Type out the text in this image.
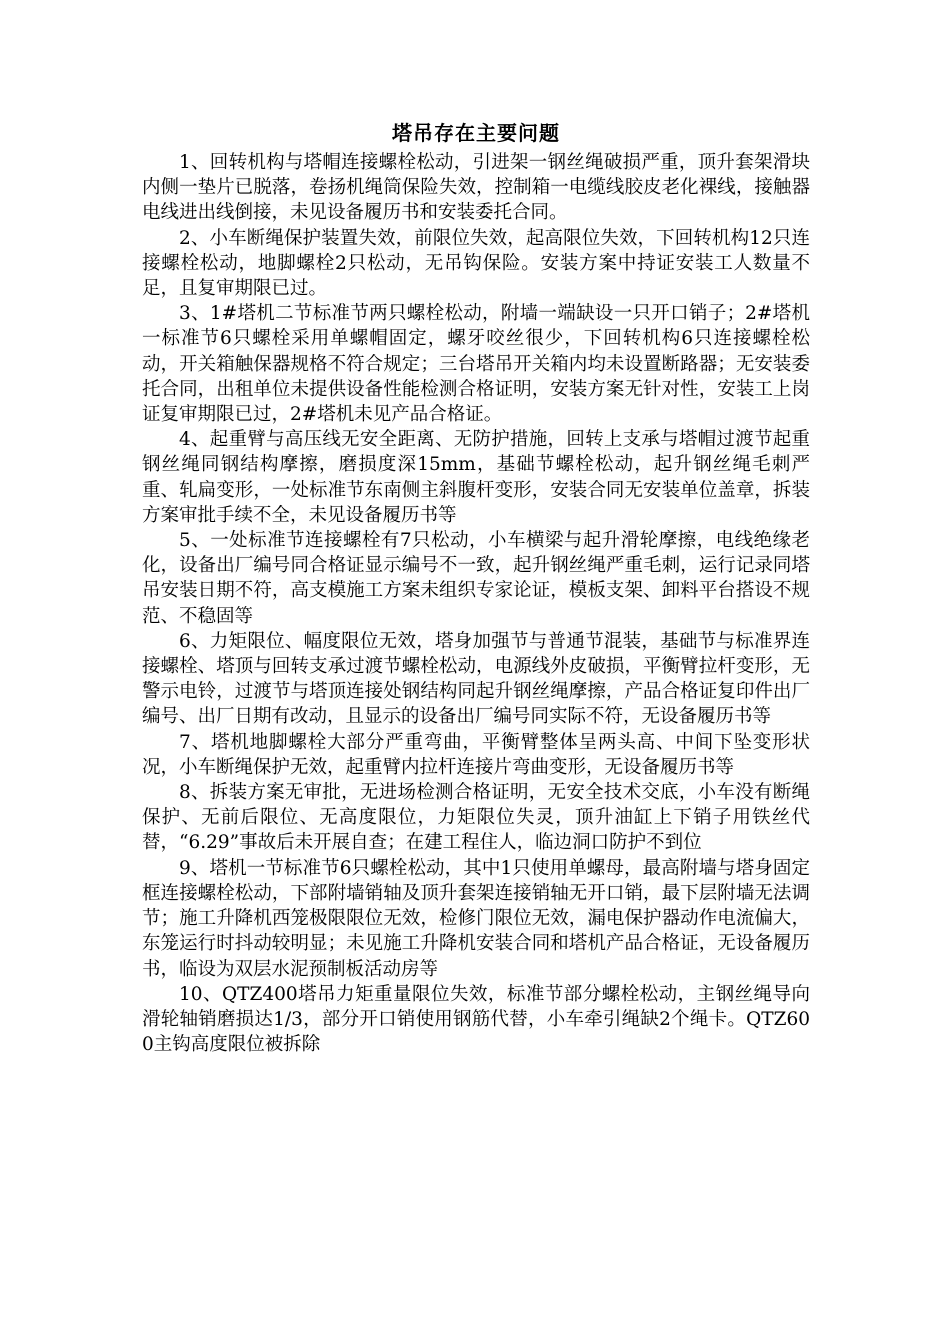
塔吊存在主要问题

1、回转机构与塔帽连接螺栓松动，引进架一钢丝绳破损严重，顶升套架滑块内侧一垫片已脱落，卷扬机绳筒保险失效，控制箱一电缆线胶皮老化裸线，接触器电线进出线倒接，未见设备履历书和安装委托合同。

2、小车断绳保护装置失效，前限位失效，起高限位失效，下回转机构12只连接螺栓松动，地脚螺栓2只松动，无吊钩保险。安装方案中持证安装工人数量不足，且复审期限已过。

3、1#塔机二节标准节两只螺栓松动，附墙一端缺设一只开口销子；2#塔机一标准节6只螺栓采用单螺帽固定，螺牙咬丝很少，下回转机构6只连接螺栓松动，开关箱触保器规格不符合规定；三台塔吊开关箱内均未设置断路器；无安装委托合同，出租单位未提供设备性能检测合格证明，安装方案无针对性，安装工上岗证复审期限已过，2#塔机未见产品合格证。

4、起重臂与高压线无安全距离、无防护措施，回转上支承与塔帽过渡节起重钢丝绳同钢结构摩擦，磨损度深15mm，基础节螺栓松动，起升钢丝绳毛刺严重、轧扁变形，一处标准节东南侧主斜腹杆变形，安装合同无安装单位盖章，拆装方案审批手续不全，未见设备履历书等

5、一处标准节连接螺栓有7只松动，小车横梁与起升滑轮摩擦，电线绝缘老化，设备出厂编号同合格证显示编号不一致，起升钢丝绳严重毛刺，运行记录同塔吊安装日期不符，高支模施工方案未组织专家论证，模板支架、卸料平台搭设不规范、不稳固等

6、力矩限位、幅度限位无效，塔身加强节与普通节混装，基础节与标准界连接螺栓、塔顶与回转支承过渡节螺栓松动，电源线外皮破损，平衡臂拉杆变形，无警示电铃，过渡节与塔顶连接处钢结构同起升钢丝绳摩擦，产品合格证复印件出厂编号、出厂日期有改动，且显示的设备出厂编号同实际不符，无设备履历书等

7、塔机地脚螺栓大部分严重弯曲，平衡臂整体呈两头高、中间下坠变形状况，小车断绳保护无效，起重臂内拉杆连接片弯曲变形，无设备履历书等

8、拆装方案无审批，无进场检测合格证明，无安全技术交底，小车没有断绳保护、无前后限位、无高度限位，力矩限位失灵，顶升油缸上下销子用铁丝代替，“6.29”事故后未开展自查；在建工程住人，临边洞口防护不到位

9、塔机一节标准节6只螺栓松动，其中1只使用单螺母，最高附墙与塔身固定框连接螺栓松动，下部附墙销轴及顶升套架连接销轴无开口销，最下层附墙无法调节；施工升降机西笼极限限位无效，检修门限位无效，漏电保护器动作电流偏大，东笼运行时抖动较明显；未见施工升降机安装合同和塔机产品合格证，无设备履历书，临设为双层水泥预制板活动房等

10、QTZ400塔吊力矩重量限位失效，标准节部分螺栓松动，主钢丝绳导向滑轮轴销磨损达1/3，部分开口销使用钢筋代替，小车牵引绳缺2个绳卡。QTZ600主钩高度限位被拆除
